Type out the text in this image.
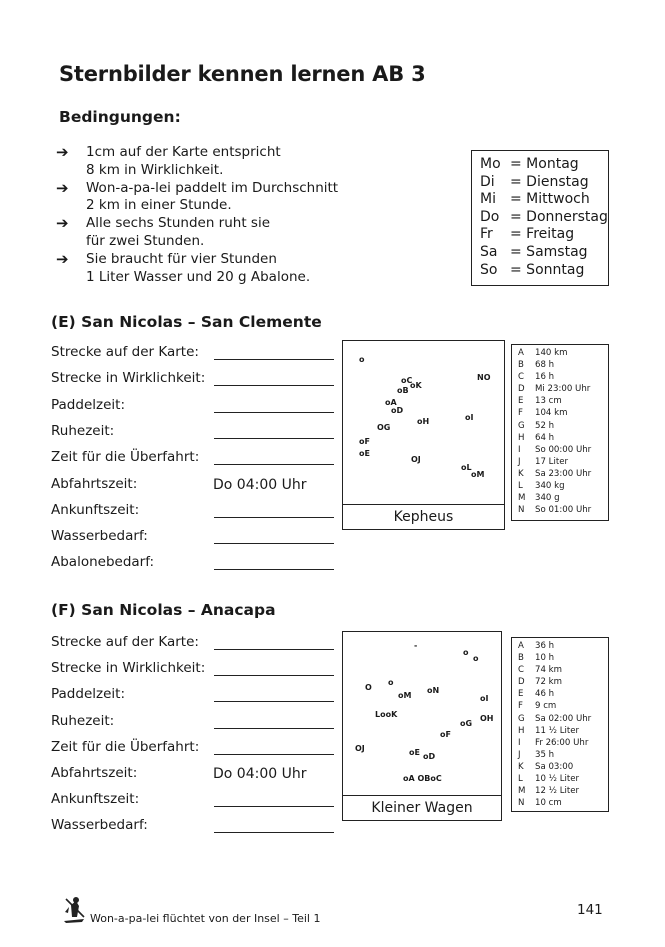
Sternbilder kennen lernen AB 3
Bedingungen:
➔	1cm auf der Karte entspricht
8 km in Wirklichkeit.
➔	Won-a-pa-lei paddelt im Durchschnitt
2 km in einer Stunde.
➔	Alle sechs Stunden ruht sie
für zwei Stunden.
➔	Sie braucht für vier Stunden
1 Liter Wasser und 20 g Abalone.
Mo = Montag
Di	= Dienstag
Mi	= Mittwoch
Do = Donnerstag
Fr	= Freitag
Sa = Samstag
So = Sonntag
(E) San Nicolas – San Clemente
Strecke auf der Karte:
Strecke in Wirklichkeit:
Paddelzeit:
Ruhezeit:
Zeit für die Überfahrt:
Abfahrtszeit:	Do 04:00 Uhr
Ankunftszeit:
Wasserbedarf:
Abalonebedarf:
Kepheus
o
oC
oK
oB
NO
oA
oD
oI
OG
oH
oF
oE
OJ
oL
oM
A	140 km
B	68 h
C	16 h
D	Mi 23:00 Uhr
E	13 cm
F	104 km
G	52 h
H	64 h
I	So 00:00 Uhr
J	17 Liter
K	Sa 23:00 Uhr
L	340 kg
M	340 g
N	So 01:00 Uhr
(F) San Nicolas – Anacapa
Strecke auf der Karte:
Strecke in Wirklichkeit:
Paddelzeit:
Ruhezeit:
Zeit für die Überfahrt:
Abfahrtszeit:	Do 04:00 Uhr
Ankunftszeit:
Wasserbedarf:
Kleiner Wagen
-
o
o
o
O
oM
oN
oI
LooK
oG
OH
oF
OJ	oE oD
oA OBoC
A	36 h
B	10 h
C	74 km
D	72 km
E	46 h
F	9 cm
G	Sa 02:00 Uhr
H	11 ½ Liter
I	Fr 26:00 Uhr
J	35 h
K	Sa 03:00
L	10 ½ Liter
M	12 ½ Liter
N	10 cm
Won-a-pa-lei flüchtet von der Insel – Teil 1
141
